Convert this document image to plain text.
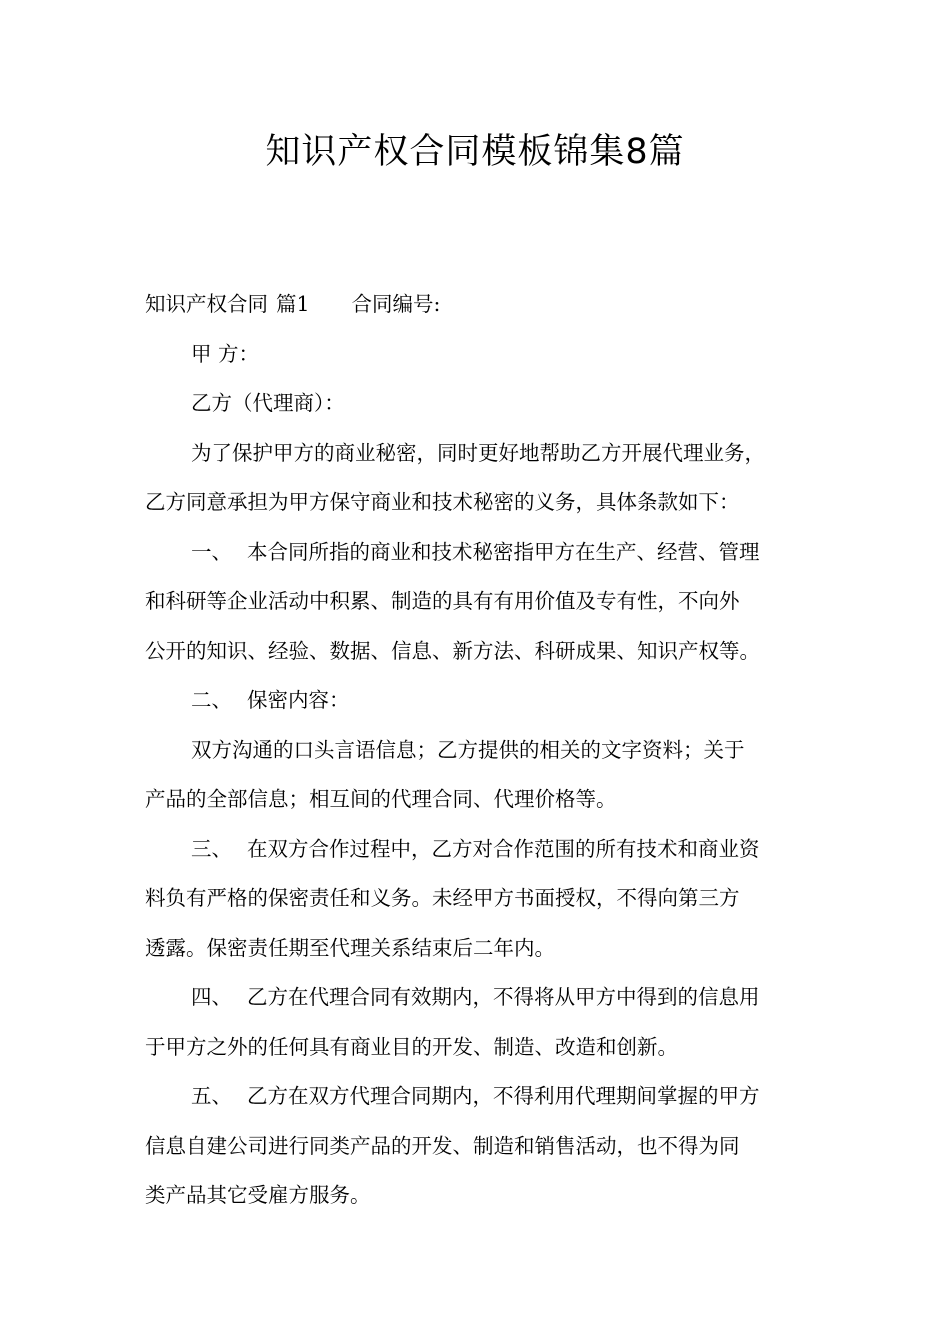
知识产权合同模板锦集8篇
知识产权合同 篇1 合同编号:
甲 方：
乙方（代理商）：
为了保护甲方的商业秘密，同时更好地帮助乙方开展代理业务，
乙方同意承担为甲方保守商业和技术秘密的义务，具体条款如下：
一、 本合同所指的商业和技术秘密指甲方在生产、经营、管理
和科研等企业活动中积累、制造的具有有用价值及专有性，不向外
公开的知识、经验、数据、信息、新方法、科研成果、知识产权等。
二、 保密内容：
双方沟通的口头言语信息；乙方提供的相关的文字资料；关于
产品的全部信息；相互间的代理合同、代理价格等。
三、 在双方合作过程中，乙方对合作范围的所有技术和商业资
料负有严格的保密责任和义务。未经甲方书面授权，不得向第三方
透露。保密责任期至代理关系结束后二年内。
四、 乙方在代理合同有效期内，不得将从甲方中得到的信息用
于甲方之外的任何具有商业目的开发、制造、改造和创新。
五、 乙方在双方代理合同期内，不得利用代理期间掌握的甲方
信息自建公司进行同类产品的开发、制造和销售活动，也不得为同
类产品其它受雇方服务。
